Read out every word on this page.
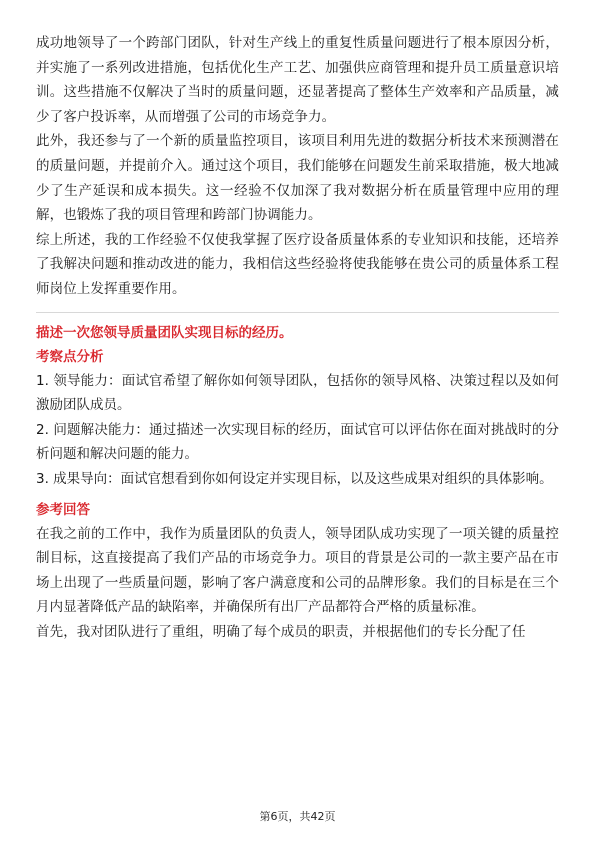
成功地领导了一个跨部门团队，针对生产线上的重复性质量问题进行了根本原因分析，并实施了一系列改进措施，包括优化生产工艺、加强供应商管理和提升员工质量意识培训。这些措施不仅解决了当时的质量问题，还显著提高了整体生产效率和产品质量，减少了客户投诉率，从而增强了公司的市场竞争力。

此外，我还参与了一个新的质量监控项目，该项目利用先进的数据分析技术来预测潜在的质量问题，并提前介入。通过这个项目，我们能够在问题发生前采取措施，极大地减少了生产延误和成本损失。这一经验不仅加深了我对数据分析在质量管理中应用的理解，也锻炼了我的项目管理和跨部门协调能力。

综上所述，我的工作经验不仅使我掌握了医疗设备质量体系的专业知识和技能，还培养了我解决问题和推动改进的能力，我相信这些经验将使我能够在贵公司的质量体系工程师岗位上发挥重要作用。

描述一次您领导质量团队实现目标的经历。

考察点分析

1. 领导能力：面试官希望了解你如何领导团队，包括你的领导风格、决策过程以及如何激励团队成员。

2. 问题解决能力：通过描述一次实现目标的经历，面试官可以评估你在面对挑战时的分析问题和解决问题的能力。

3. 成果导向：面试官想看到你如何设定并实现目标，以及这些成果对组织的具体影响。

参考回答

在我之前的工作中，我作为质量团队的负责人，领导团队成功实现了一项关键的质量控制目标，这直接提高了我们产品的市场竞争力。项目的背景是公司的一款主要产品在市场上出现了一些质量问题，影响了客户满意度和公司的品牌形象。我们的目标是在三个月内显著降低产品的缺陷率，并确保所有出厂产品都符合严格的质量标准。

首先，我对团队进行了重组，明确了每个成员的职责，并根据他们的专长分配了任

第6页，共42页
